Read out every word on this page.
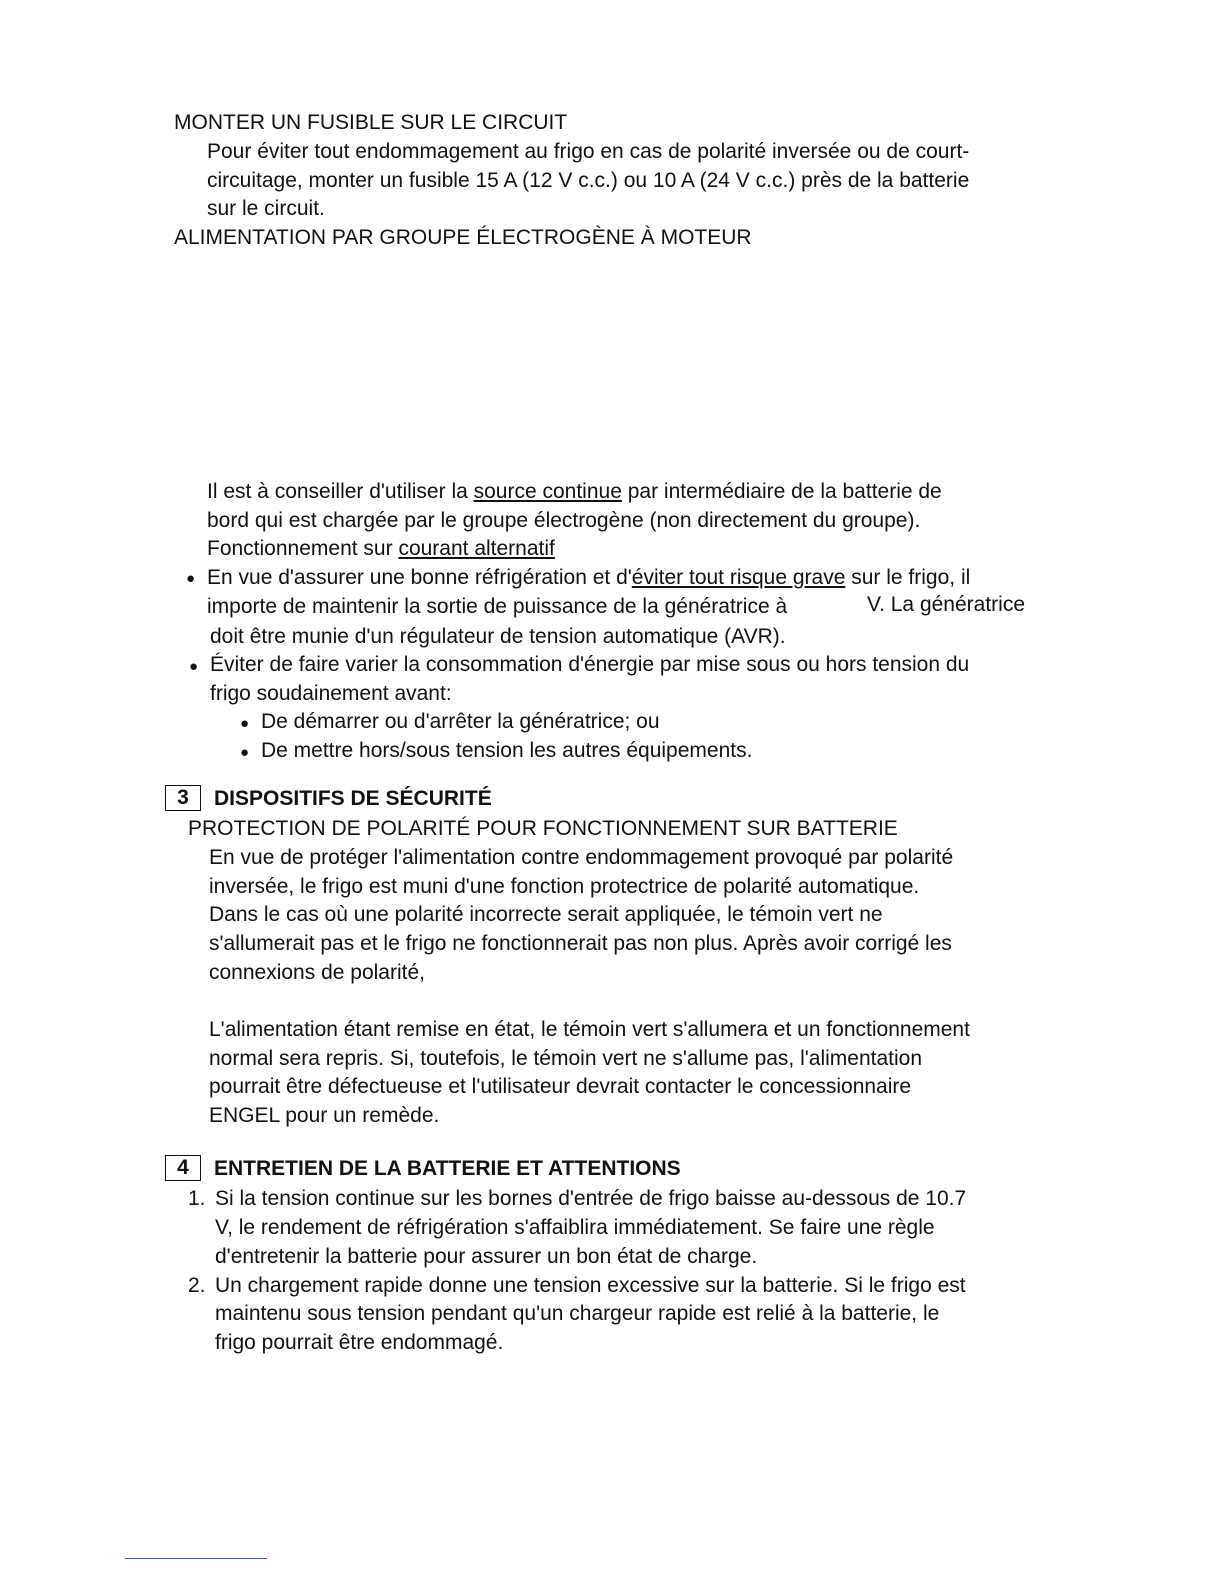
MONTER UN FUSIBLE SUR LE CIRCUIT
Pour éviter tout endommagement au frigo en cas de polarité inversée ou de court-
circuitage, monter un fusible 15 A (12 V c.c.) ou 10 A (24 V c.c.) près de la batterie
sur le circuit.
ALIMENTATION PAR GROUPE ÉLECTROGÈNE À MOTEUR
Il est à conseiller d'utiliser la source continue par intermédiaire de la batterie de
bord qui est chargée par le groupe électrogène (non directement du groupe).
Fonctionnement sur courant alternatif
● En vue d'assurer une bonne réfrigération et d'éviter tout risque grave sur le frigo, il
importe de maintenir la sortie de puissance de la génératrice à	V. La génératrice
doit être munie d'un régulateur de tension automatique (AVR).
● Éviter de faire varier la consommation d'énergie par mise sous ou hors tension du
frigo soudainement avant:
● De démarrer ou d'arrêter la génératrice; ou
● De mettre hors/sous tension les autres équipements.
3	DISPOSITIFS DE SÉCURITÉ
PROTECTION DE POLARITÉ POUR FONCTIONNEMENT SUR BATTERIE
En vue de protéger l'alimentation contre endommagement provoqué par polarité
inversée, le frigo est muni d'une fonction protectrice de polarité automatique.
Dans le cas où une polarité incorrecte serait appliquée, le témoin vert ne
s'allumerait pas et le frigo ne fonctionnerait pas non plus. Après avoir corrigé les
connexions de polarité,
L'alimentation étant remise en état, le témoin vert s'allumera et un fonctionnement
normal sera repris. Si, toutefois, le témoin vert ne s'allume pas, l'alimentation
pourrait être défectueuse et l'utilisateur devrait contacter le concessionnaire
ENGEL pour un remède.
4	ENTRETIEN DE LA BATTERIE ET ATTENTIONS
1. Si la tension continue sur les bornes d'entrée de frigo baisse au-dessous de 10.7
V, le rendement de réfrigération s'affaiblira immédiatement. Se faire une règle
d'entretenir la batterie pour assurer un bon état de charge.
2. Un chargement rapide donne une tension excessive sur la batterie. Si le frigo est
maintenu sous tension pendant qu'un chargeur rapide est relié à la batterie, le
frigo pourrait être endommagé.
